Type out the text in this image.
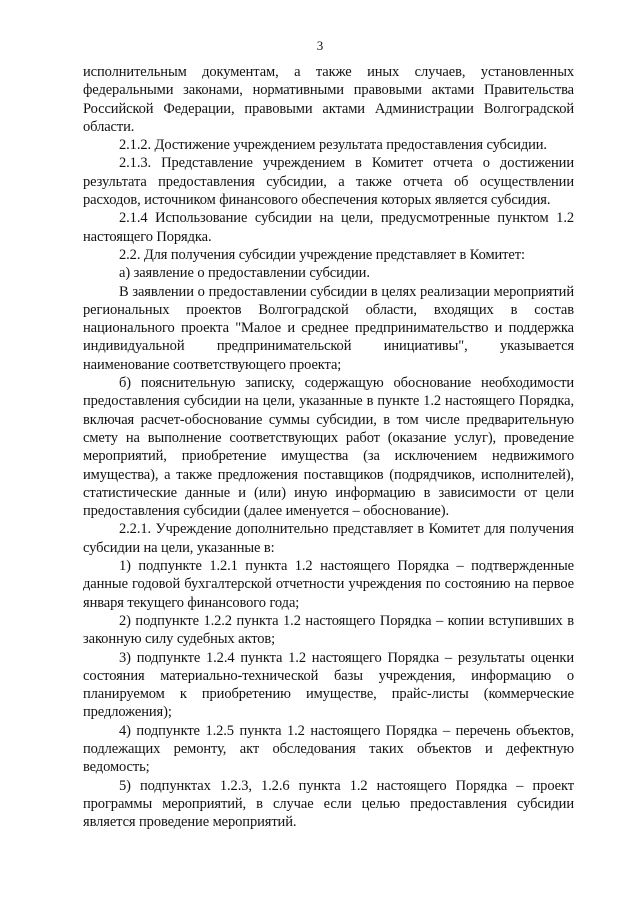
3

исполнительным документам, а также иных случаев, установленных федеральными законами, нормативными правовыми актами Правительства Российской Федерации, правовыми актами Администрации Волгоградской области.

2.1.2. Достижение учреждением результата предоставления субсидии.

2.1.3. Представление учреждением в Комитет отчета о достижении результата предоставления субсидии, а также отчета об осуществлении расходов, источником финансового обеспечения которых является субсидия.

2.1.4 Использование субсидии на цели, предусмотренные пунктом 1.2 настоящего Порядка.

2.2. Для получения субсидии учреждение представляет в Комитет:

а) заявление о предоставлении субсидии.

В заявлении о предоставлении субсидии в целях реализации мероприятий региональных проектов Волгоградской области, входящих в состав национального проекта "Малое и среднее предпринимательство и поддержка индивидуальной предпринимательской инициативы", указывается наименование соответствующего проекта;

б) пояснительную записку, содержащую обоснование необходимости предоставления субсидии на цели, указанные в пункте 1.2 настоящего Порядка, включая расчет-обоснование суммы субсидии, в том числе предварительную смету на выполнение соответствующих работ (оказание услуг), проведение мероприятий, приобретение имущества (за исключением недвижимого имущества), а также предложения поставщиков (подрядчиков, исполнителей), статистические данные и (или) иную информацию в зависимости от цели предоставления субсидии (далее именуется – обоснование).

2.2.1. Учреждение дополнительно представляет в Комитет для получения субсидии на цели, указанные в:

1) подпункте 1.2.1 пункта 1.2 настоящего Порядка – подтвержденные данные годовой бухгалтерской отчетности учреждения по состоянию на первое января текущего финансового года;

2) подпункте 1.2.2 пункта 1.2 настоящего Порядка – копии вступивших в законную силу судебных актов;

3) подпункте 1.2.4 пункта 1.2 настоящего Порядка – результаты оценки состояния материально-технической базы учреждения, информацию о планируемом к приобретению имуществе, прайс-листы (коммерческие предложения);

4) подпункте 1.2.5 пункта 1.2 настоящего Порядка – перечень объектов, подлежащих ремонту, акт обследования таких объектов и дефектную ведомость;

5) подпунктах 1.2.3, 1.2.6 пункта 1.2 настоящего Порядка – проект программы мероприятий, в случае если целью предоставления субсидии является проведение мероприятий.
